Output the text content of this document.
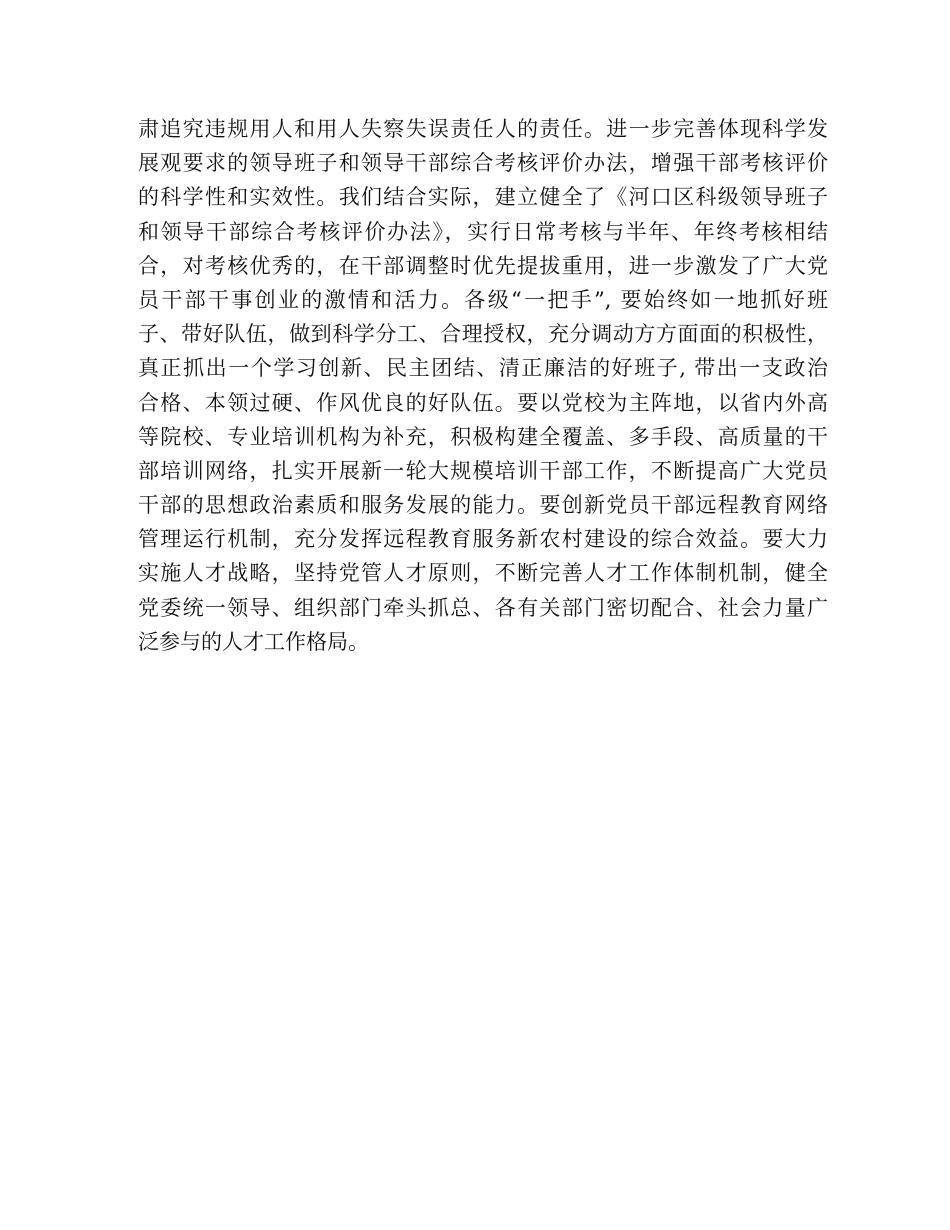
肃追究违规用人和用人失察失误责任人的责任。进一步完善体现科学发
展观要求的领导班子和领导干部综合考核评价办法，增强干部考核评价
的科学性和实效性。我们结合实际，建立健全了《河口区科级领导班子
和领导干部综合考核评价办法》，实行日常考核与半年、年终考核相结
合，对考核优秀的，在干部调整时优先提拔重用，进一步激发了广大党
员干部干事创业的激情和活力。各级“一把手”, 要始终如一地抓好班
子、带好队伍，做到科学分工、合理授权，充分调动方方面面的积极性，
真正抓出一个学习创新、民主团结、清正廉洁的好班子, 带出一支政治
合格、本领过硬、作风优良的好队伍。要以党校为主阵地，以省内外高
等院校、专业培训机构为补充，积极构建全覆盖、多手段、高质量的干
部培训网络，扎实开展新一轮大规模培训干部工作，不断提高广大党员
干部的思想政治素质和服务发展的能力。要创新党员干部远程教育网络
管理运行机制，充分发挥远程教育服务新农村建设的综合效益。要大力
实施人才战略，坚持党管人才原则，不断完善人才工作体制机制，健全
党委统一领导、组织部门牵头抓总、各有关部门密切配合、社会力量广
泛参与的人才工作格局。
